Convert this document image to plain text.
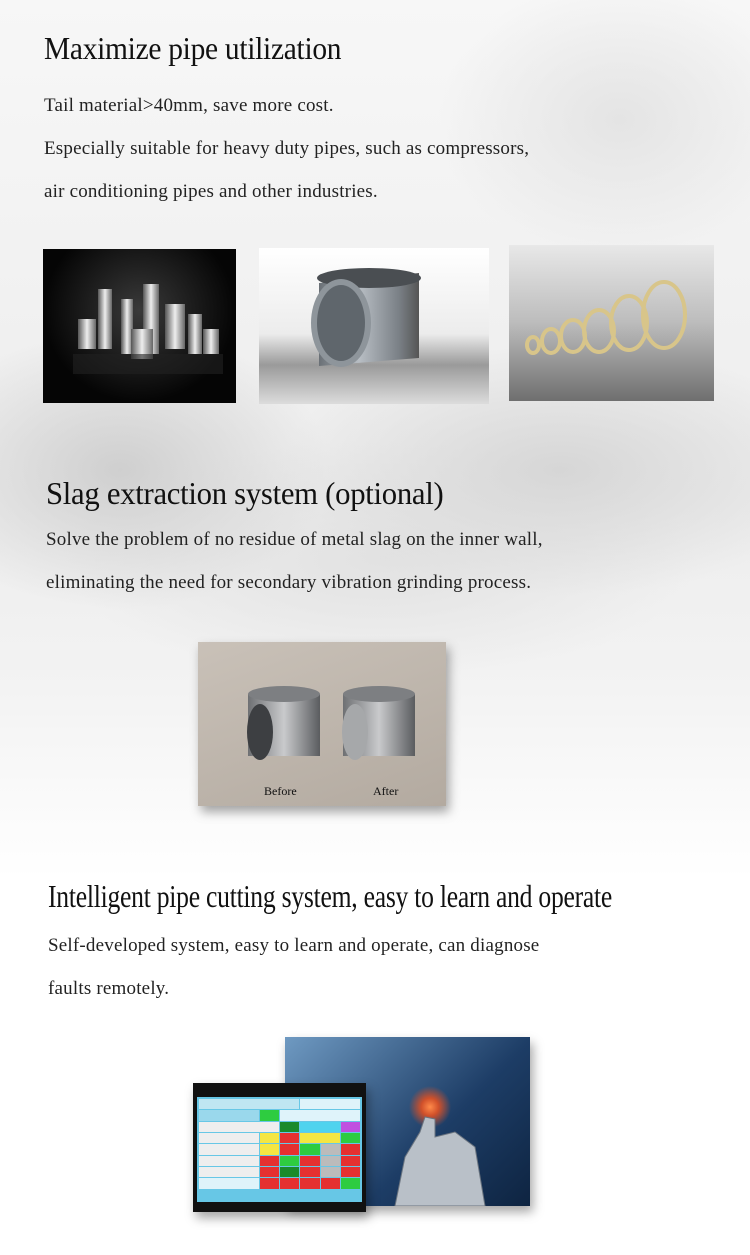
Maximize pipe utilization
Tail material>40mm, save more cost.
Especially suitable for heavy duty pipes, such as compressors,
air conditioning pipes and other industries.
Slag extraction system (optional)
Solve the problem of no residue of metal slag on the inner wall,
eliminating the need for secondary vibration grinding process.
Before	After
Intelligent pipe cutting system, easy to learn and operate
Self-developed system, easy to learn and operate, can diagnose
faults remotely.
